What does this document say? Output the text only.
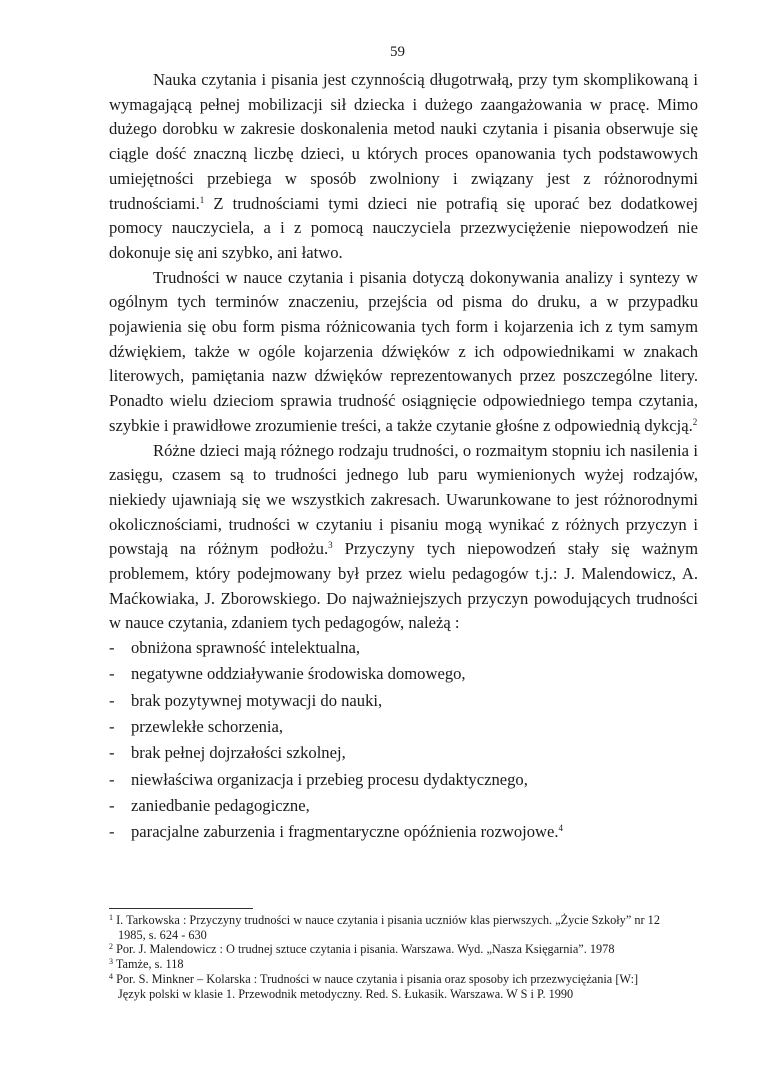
59

Nauka czytania i pisania jest czynnością długotrwałą, przy tym skomplikowaną i wymagającą pełnej mobilizacji sił dziecka i dużego zaangażowania w pracę. Mimo dużego dorobku w zakresie doskonalenia metod nauki czytania i pisania obserwuje się ciągle dość znaczną liczbę dzieci, u których proces opanowania tych podstawowych umiejętności przebiega w sposób zwolniony i związany jest z różnorodnymi trudnościami.$^1$ Z trudnościami tymi dzieci nie potrafią się uporać bez dodatkowej pomocy nauczyciela, a i z pomocą nauczyciela przezwyciężenie niepowodzeń nie dokonuje się ani szybko, ani łatwo.

Trudności w nauce czytania i pisania dotyczą dokonywania analizy i syntezy w ogólnym tych terminów znaczeniu, przejścia od pisma do druku, a w przypadku pojawienia się obu form pisma różnicowania tych form i kojarzenia ich z tym samym dźwiękiem, także w ogóle kojarzenia dźwięków z ich odpowiednikami w znakach literowych, pamiętania nazw dźwięków reprezentowanych przez poszczególne litery. Ponadto wielu dzieciom sprawia trudność osiągnięcie odpowiedniego tempa czytania, szybkie i prawidłowe zrozumienie treści, a także czytanie głośne z odpowiednią dykcją.$^2$

Różne dzieci mają różnego rodzaju trudności, o rozmaitym stopniu ich nasilenia i zasięgu, czasem są to trudności jednego lub paru wymienionych wyżej rodzajów, niekiedy ujawniają się we wszystkich zakresach. Uwarunkowane to jest różnorodnymi okolicznościami, trudności w czytaniu i pisaniu mogą wynikać z różnych przyczyn i powstają na różnym podłożu.$^3$ Przyczyny tych niepowodzeń stały się ważnym problemem, który podejmowany był przez wielu pedagogów t.j.: J. Malendowicz, A. Maćkowiaka, J. Zborowskiego. Do najważniejszych przyczyn powodujących trudności w nauce czytania, zdaniem tych pedagogów, należą :

- obniżona sprawność intelektualna,
- negatywne oddziaływanie środowiska domowego,
- brak pozytywnej motywacji do nauki,
- przewlekłe schorzenia,
- brak pełnej dojrzałości szkolnej,
- niewłaściwa organizacja i przebieg procesu dydaktycznego,
- zaniedbanie pedagogiczne,
- paracjalne zaburzenia i fragmentaryczne opóźnienia rozwojowe.$^4$

$^1$ I. Tarkowska : Przyczyny trudności w nauce czytania i pisania uczniów klas pierwszych. „Życie Szkoły” nr 12

1985, s. 624 - 630

$^2$ Por. J. Malendowicz : O trudnej sztuce czytania i pisania. Warszawa. Wyd. „Nasza Księgarnia”. 1978

$^3$ Tamże, s. 118

$^4$ Por. S. Minkner – Kolarska : Trudności w nauce czytania i pisania oraz sposoby ich przezwyciężania [W:]

Język polski w klasie 1. Przewodnik metodyczny. Red. S. Łukasik. Warszawa. W S i P. 1990
